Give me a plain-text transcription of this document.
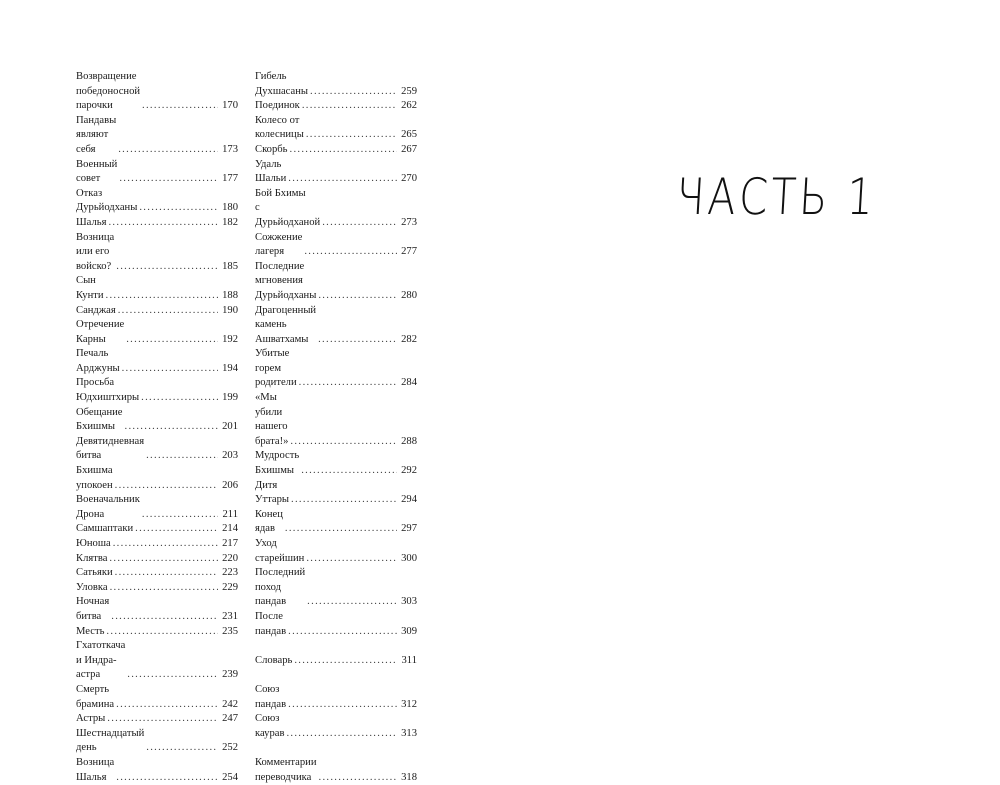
Возвращение победоносной
парочки .....	170
Пандавы являют себя .....	173
Военный совет .....	177
Отказ Дурьйодханы .....	180
Шалья .....	182
Возница или его войско? .....	185
Сын Кунти .....	188
Санджая .....	190
Отречение Карны .....	192
Печаль Арджуны .....	194
Просьба Юдхиштхиры .....	199
Обещание Бхишмы .....	201
Девятидневная битва .....	203
Бхишма упокоен .....	206
Военачальник Дрона .....	211
Самшаптаки .....	214
Юноша .....	217
Клятва .....	220
Сатьяки .....	223
Уловка .....	229
Ночная битва .....	231
Месть .....	235
Гхатоткача и Индра-астра .....	239
Смерть брамина .....	242
Астры .....	247
Шестнадцатый день .....	252
Возница Шалья .....	254
Гибель Духшасаны .....	259
Поединок .....	262
Колесо от колесницы .....	265
Скорбь .....	267
Удаль Шальи .....	270
Бой Бхимы
с Дурьйодханой .....	273
Сожжение лагеря .....	277
Последние мгновения
Дурьйодханы .....	280
Драгоценный камень
Ашватхамы .....	282
Убитые горем родители .....	284
«Мы убили нашего
брата!» .....	288
Мудрость Бхишмы .....	292
Дитя Уттары .....	294
Конец ядав .....	297
Уход старейшин .....	300
Последний поход пандав .....	303
После пандав .....	309
Словарь .....	311
Союз пандав .....	312
Союз каурав .....	313
Комментарии переводчика .....	318
ЧАСТЬ 1
